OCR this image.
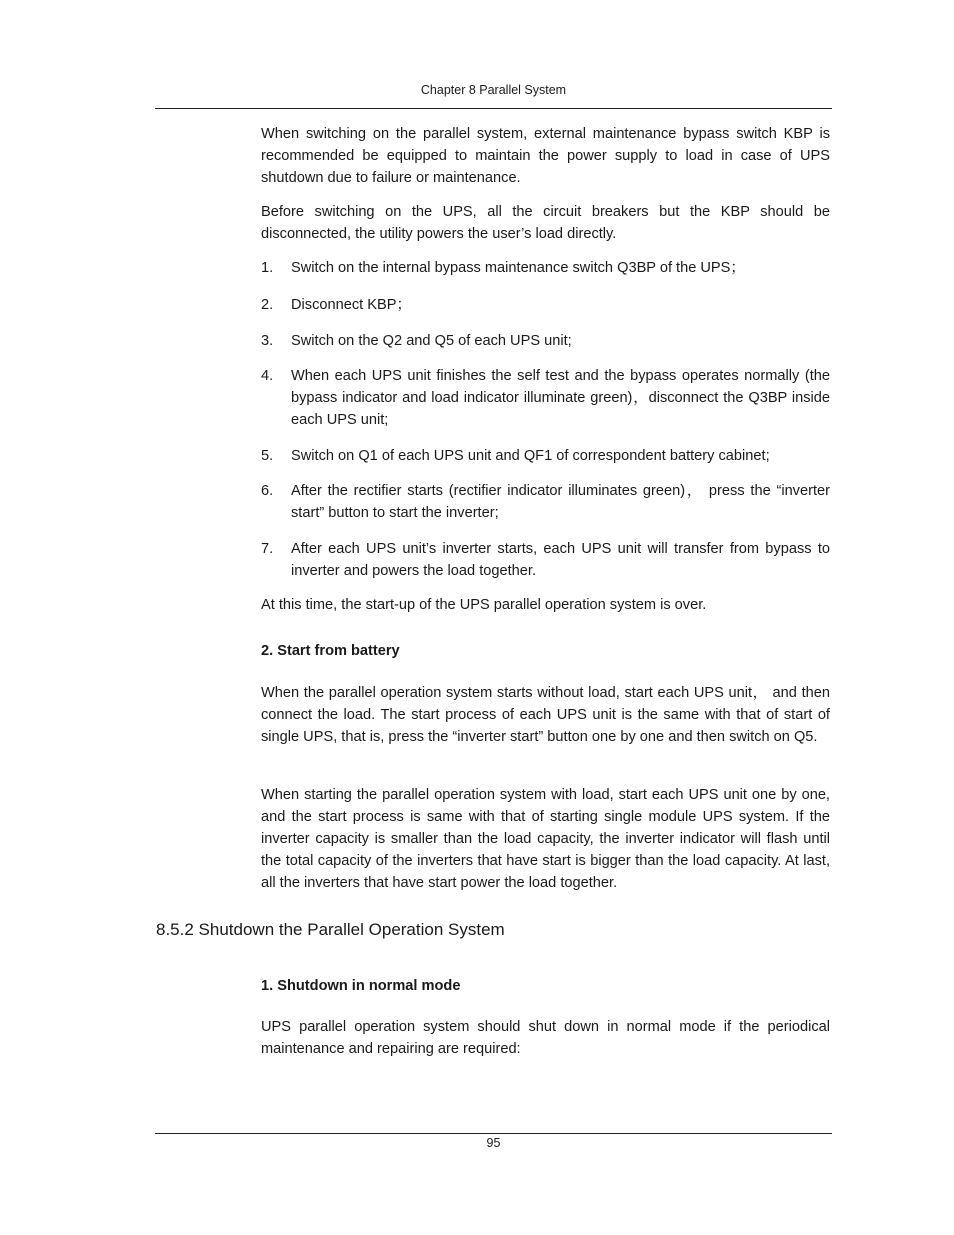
Chapter 8 Parallel System

When switching on the parallel system, external maintenance bypass switch KBP is recommended be equipped to maintain the power supply to load in case of UPS shutdown due to failure or maintenance.

Before switching on the UPS, all the circuit breakers but the KBP should be disconnected, the utility powers the user’s load directly.

1. Switch on the internal bypass maintenance switch Q3BP of the UPS；
2. Disconnect KBP；
3. Switch on the Q2 and Q5 of each UPS unit;
4. When each UPS unit finishes the self test and the bypass operates normally (the bypass indicator and load indicator illuminate green)，disconnect the Q3BP inside each UPS unit;
5. Switch on Q1 of each UPS unit and QF1 of correspondent battery cabinet;
6. After the rectifier starts (rectifier indicator illuminates green)， press the “inverter start” button to start the inverter;
7. After each UPS unit’s inverter starts, each UPS unit will transfer from bypass to inverter and powers the load together.

At this time, the start-up of the UPS parallel operation system is over.

2. Start from battery

When the parallel operation system starts without load, start each UPS unit， and then connect the load. The start process of each UPS unit is the same with that of start of single UPS, that is, press the “inverter start” button one by one and then switch on Q5.

When starting the parallel operation system with load, start each UPS unit one by one, and the start process is same with that of starting single module UPS system. If the inverter capacity is smaller than the load capacity, the inverter indicator will flash until the total capacity of the inverters that have start is bigger than the load capacity. At last, all the inverters that have start power the load together.

8.5.2 Shutdown the Parallel Operation System
1. Shutdown in normal mode

UPS parallel operation system should shut down in normal mode if the periodical maintenance and repairing are required:

95
